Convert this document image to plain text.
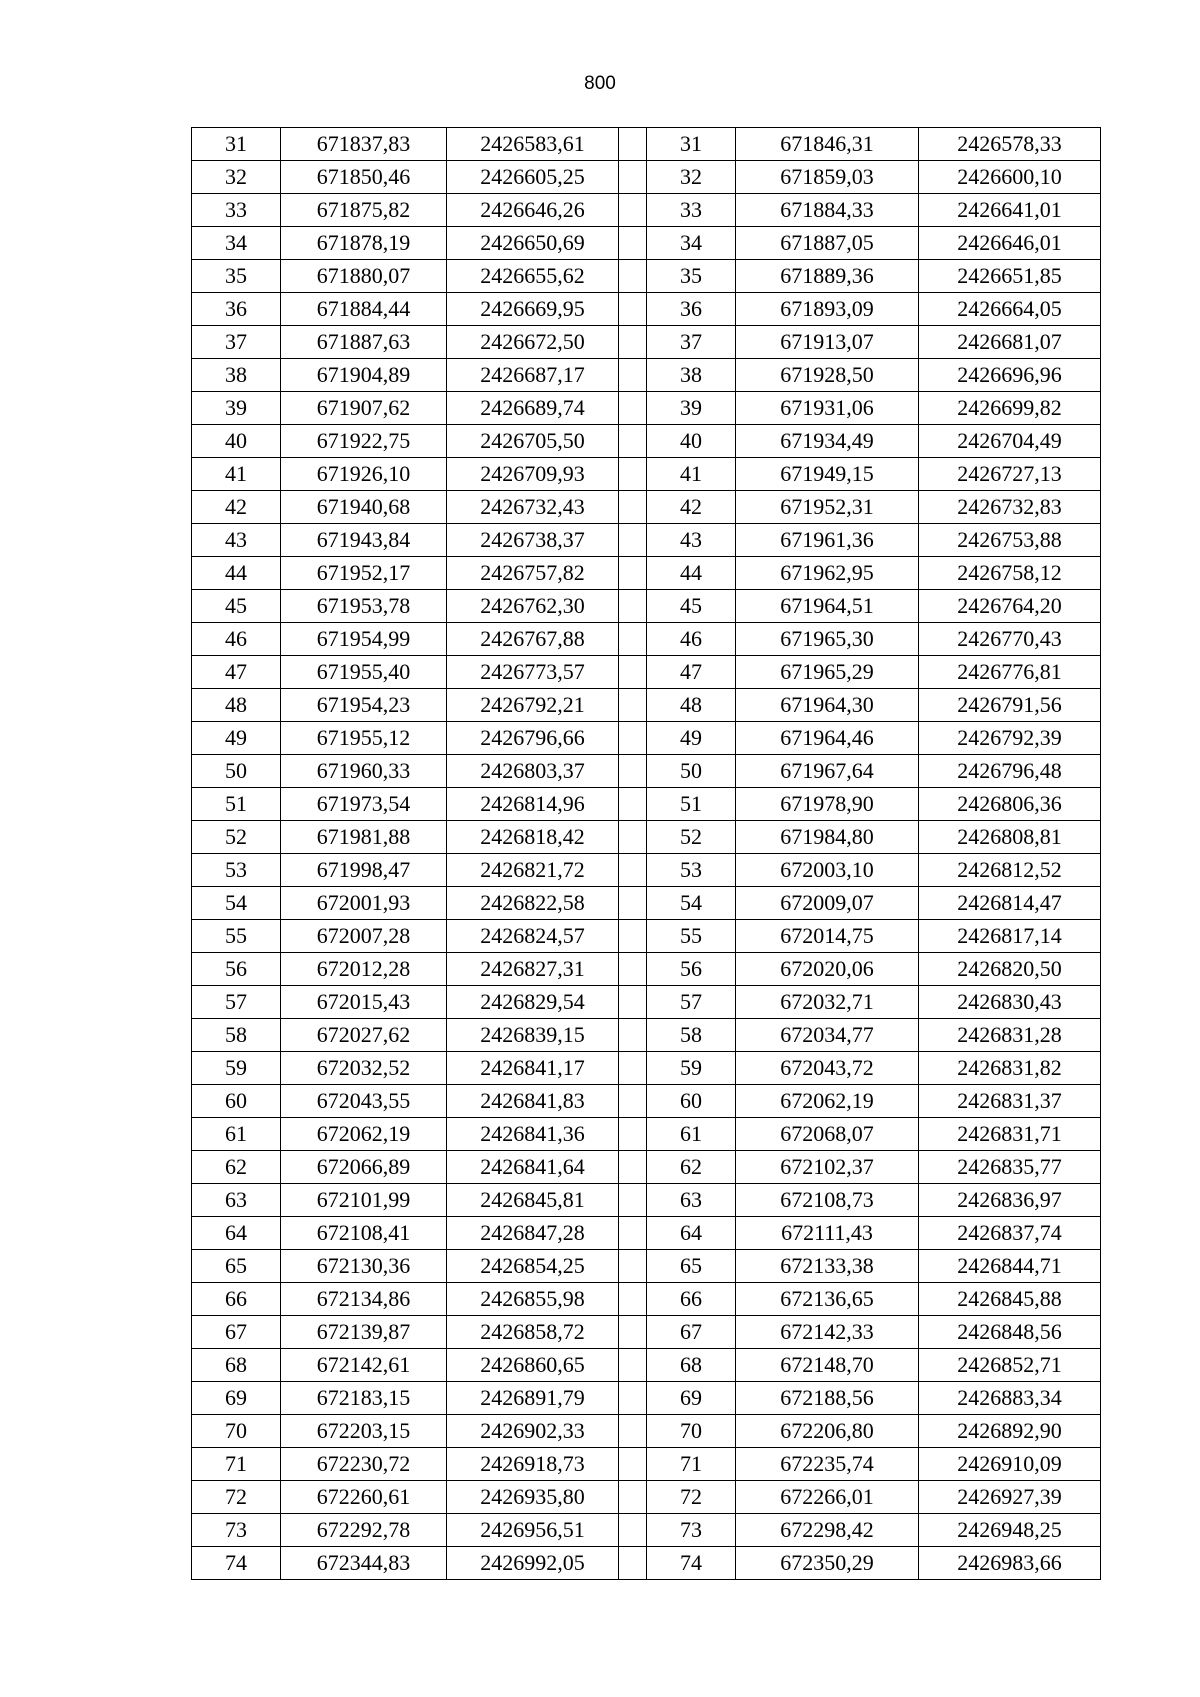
800
31	671837,83	2426583,61		31	671846,31	2426578,33
32	671850,46	2426605,25		32	671859,03	2426600,10
33	671875,82	2426646,26		33	671884,33	2426641,01
34	671878,19	2426650,69		34	671887,05	2426646,01
35	671880,07	2426655,62		35	671889,36	2426651,85
36	671884,44	2426669,95		36	671893,09	2426664,05
37	671887,63	2426672,50		37	671913,07	2426681,07
38	671904,89	2426687,17		38	671928,50	2426696,96
39	671907,62	2426689,74		39	671931,06	2426699,82
40	671922,75	2426705,50		40	671934,49	2426704,49
41	671926,10	2426709,93		41	671949,15	2426727,13
42	671940,68	2426732,43		42	671952,31	2426732,83
43	671943,84	2426738,37		43	671961,36	2426753,88
44	671952,17	2426757,82		44	671962,95	2426758,12
45	671953,78	2426762,30		45	671964,51	2426764,20
46	671954,99	2426767,88		46	671965,30	2426770,43
47	671955,40	2426773,57		47	671965,29	2426776,81
48	671954,23	2426792,21		48	671964,30	2426791,56
49	671955,12	2426796,66		49	671964,46	2426792,39
50	671960,33	2426803,37		50	671967,64	2426796,48
51	671973,54	2426814,96		51	671978,90	2426806,36
52	671981,88	2426818,42		52	671984,80	2426808,81
53	671998,47	2426821,72		53	672003,10	2426812,52
54	672001,93	2426822,58		54	672009,07	2426814,47
55	672007,28	2426824,57		55	672014,75	2426817,14
56	672012,28	2426827,31		56	672020,06	2426820,50
57	672015,43	2426829,54		57	672032,71	2426830,43
58	672027,62	2426839,15		58	672034,77	2426831,28
59	672032,52	2426841,17		59	672043,72	2426831,82
60	672043,55	2426841,83		60	672062,19	2426831,37
61	672062,19	2426841,36		61	672068,07	2426831,71
62	672066,89	2426841,64		62	672102,37	2426835,77
63	672101,99	2426845,81		63	672108,73	2426836,97
64	672108,41	2426847,28		64	672111,43	2426837,74
65	672130,36	2426854,25		65	672133,38	2426844,71
66	672134,86	2426855,98		66	672136,65	2426845,88
67	672139,87	2426858,72		67	672142,33	2426848,56
68	672142,61	2426860,65		68	672148,70	2426852,71
69	672183,15	2426891,79		69	672188,56	2426883,34
70	672203,15	2426902,33		70	672206,80	2426892,90
71	672230,72	2426918,73		71	672235,74	2426910,09
72	672260,61	2426935,80		72	672266,01	2426927,39
73	672292,78	2426956,51		73	672298,42	2426948,25
74	672344,83	2426992,05		74	672350,29	2426983,66
